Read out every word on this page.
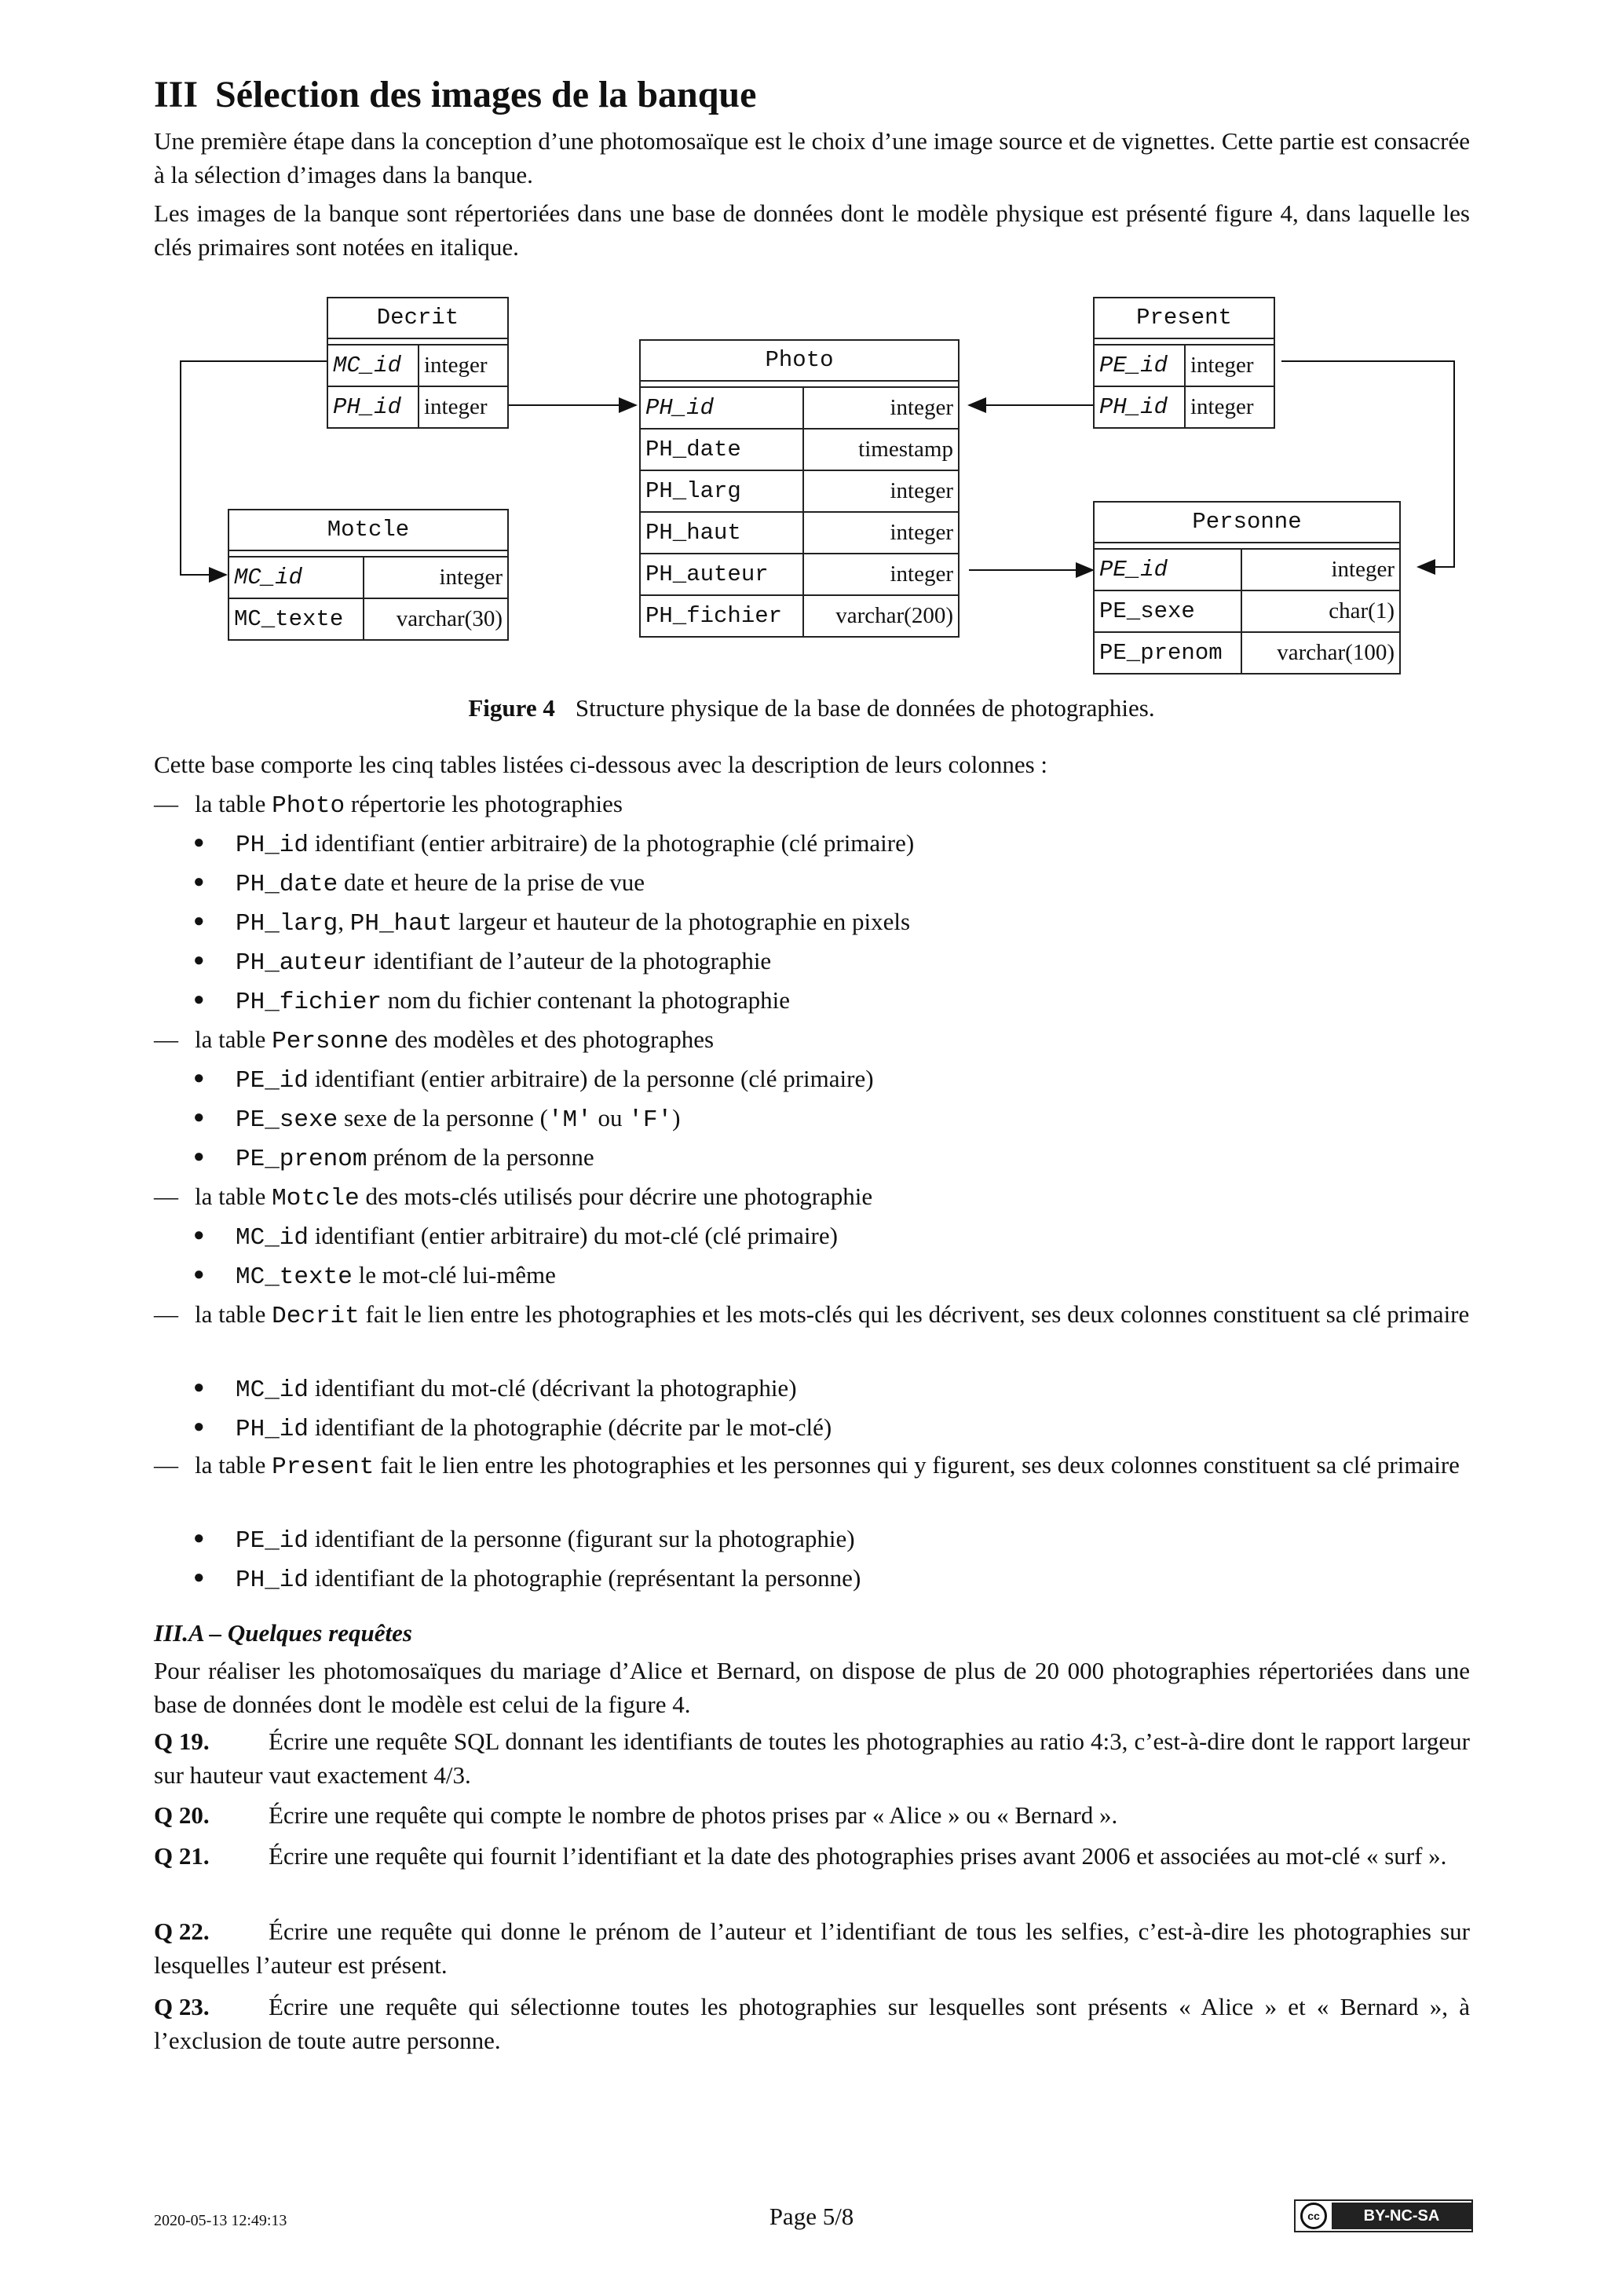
III Sélection des images de la banque

Une première étape dans la conception d’une photomosaïque est le choix d’une image source et de vignettes. Cette partie est consacrée à la sélection d’images dans la banque.

Les images de la banque sont répertoriées dans une base de données dont le modèle physique est présenté figure 4, dans laquelle les clés primaires sont notées en italique.

Decrit
MC_id integer
PH_id integer
Motcle
MC_id	integer
MC_texte	varchar(30)
Photo
PH_id	integer
PH_date	timestamp
PH_larg	integer
PH_haut	integer
PH_auteur	integer
PH_fichier	varchar(200)
Present
PE_id integer
PH_id integer
Personne
PE_id	integer
PE_sexe	char(1)
PE_prenom	varchar(100)
Figure 4 Structure physique de la base de données de photographies.

Cette base comporte les cinq tables listées ci-dessous avec la description de leurs colonnes :

— la table Photo répertorie les photographies
● PH_id identifiant (entier arbitraire) de la photographie (clé primaire)
● PH_date date et heure de la prise de vue
● PH_larg, PH_haut largeur et hauteur de la photographie en pixels
● PH_auteur identifiant de l’auteur de la photographie
● PH_fichier nom du fichier contenant la photographie
— la table Personne des modèles et des photographes
● PE_id identifiant (entier arbitraire) de la personne (clé primaire)
● PE_sexe sexe de la personne ('M' ou 'F')
● PE_prenom prénom de la personne
— la table Motcle des mots-clés utilisés pour décrire une photographie
● MC_id identifiant (entier arbitraire) du mot-clé (clé primaire)
● MC_texte le mot-clé lui-même
— la table Decrit fait le lien entre les photographies et les mots-clés qui les décrivent, ses deux colonnes constituent sa clé primaire
● MC_id identifiant du mot-clé (décrivant la photographie)
● PH_id identifiant de la photographie (décrite par le mot-clé)
— la table Present fait le lien entre les photographies et les personnes qui y figurent, ses deux colonnes constituent sa clé primaire
● PE_id identifiant de la personne (figurant sur la photographie)
● PH_id identifiant de la photographie (représentant la personne)
III.A – Quelques requêtes

Pour réaliser les photomosaïques du mariage d’Alice et Bernard, on dispose de plus de 20 000 photographies répertoriées dans une base de données dont le modèle est celui de la figure 4.

Q 19. Écrire une requête SQL donnant les identifiants de toutes les photographies au ratio 4:3, c’est-à-dire dont le rapport largeur sur hauteur vaut exactement 4/3.
Q 20. Écrire une requête qui compte le nombre de photos prises par « Alice » ou « Bernard ».
Q 21. Écrire une requête qui fournit l’identifiant et la date des photographies prises avant 2006 et associées au mot-clé « surf ».
Q 22. Écrire une requête qui donne le prénom de l’auteur et l’identifiant de tous les selfies, c’est-à-dire les photographies sur lesquelles l’auteur est présent.
Q 23. Écrire une requête qui sélectionne toutes les photographies sur lesquelles sont présents « Alice » et « Bernard », à l’exclusion de toute autre personne.
2020-05-13 12:49:13	Page 5/8	cc	BY-NC-SA
